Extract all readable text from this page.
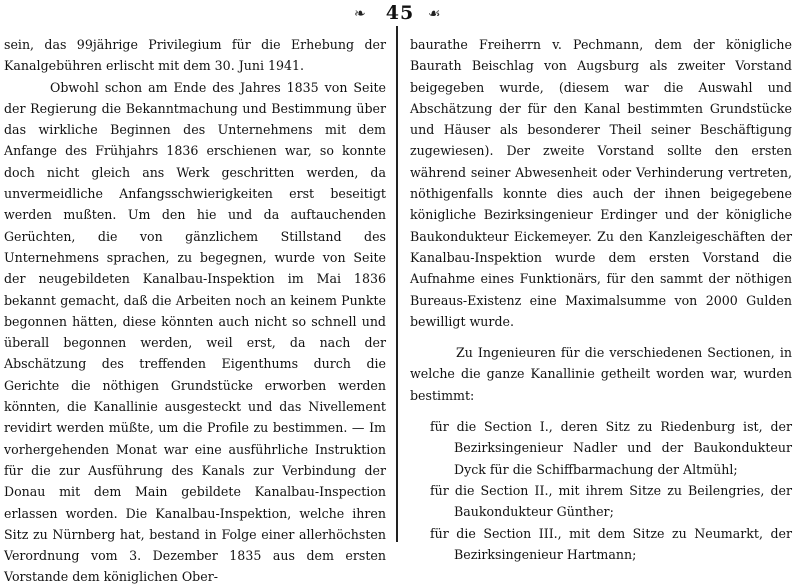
❧ 45 ☙

sein, das 99jährige Privilegium für die Erhebung der Kanalgebühren erlischt mit dem 30. Juni 1941.

Obwohl schon am Ende des Jahres 1835 von Seite der Regierung die Bekanntmachung und Bestimmung über das wirkliche Beginnen des Unternehmens mit dem Anfange des Frühjahrs 1836 erschienen war, so konnte doch nicht gleich ans Werk geschritten werden, da unvermeidliche Anfangsschwierigkeiten erst beseitigt werden mußten. Um den hie und da auftauchenden Gerüchten, die von gänzlichem Stillstand des Unternehmens sprachen, zu begegnen, wurde von Seite der neugebildeten Kanalbau-Inspektion im Mai 1836 bekannt gemacht, daß die Arbeiten noch an keinem Punkte begonnen hätten, diese könnten auch nicht so schnell und überall begonnen werden, weil erst, da nach der Abschätzung des treffenden Eigenthums durch die Gerichte die nöthigen Grundstücke erworben werden könnten, die Kanallinie ausgesteckt und das Nivellement revidirt werden müßte, um die Profile zu bestimmen. — Im vorhergehenden Monat war eine ausführliche Instruktion für die zur Ausführung des Kanals zur Verbindung der Donau mit dem Main gebildete Kanalbau-Inspection erlassen worden. Die Kanalbau-Inspektion, welche ihren Sitz zu Nürnberg hat, bestand in Folge einer allerhöchsten Verordnung vom 3. Dezember 1835 aus dem ersten Vorstande dem königlichen Ober-

baurathe Freiherrn v. Pechmann, dem der königliche Baurath Beischlag von Augsburg als zweiter Vorstand beigegeben wurde, (diesem war die Auswahl und Abschätzung der für den Kanal bestimmten Grundstücke und Häuser als besonderer Theil seiner Beschäftigung zugewiesen). Der zweite Vorstand sollte den ersten während seiner Abwesenheit oder Verhinderung vertreten, nöthigenfalls konnte dies auch der ihnen beigegebene königliche Bezirksingenieur Erdinger und der königliche Baukondukteur Eickemeyer. Zu den Kanzleigeschäften der Kanalbau-Inspektion wurde dem ersten Vorstand die Aufnahme eines Funktionärs, für den sammt der nöthigen Bureaus-Existenz eine Maximalsumme von 2000 Gulden bewilligt wurde.

Zu Ingenieuren für die verschiedenen Sectionen, in welche die ganze Kanallinie getheilt worden war, wurden bestimmt:

für die Section I., deren Sitz zu Riedenburg ist, der Bezirksingenieur Nadler und der Baukondukteur Dyck für die Schiffbarmachung der Altmühl;

für die Section II., mit ihrem Sitze zu Beilengries, der Baukondukteur Günther;

für die Section III., mit dem Sitze zu Neumarkt, der Bezirksingenieur Hartmann;
